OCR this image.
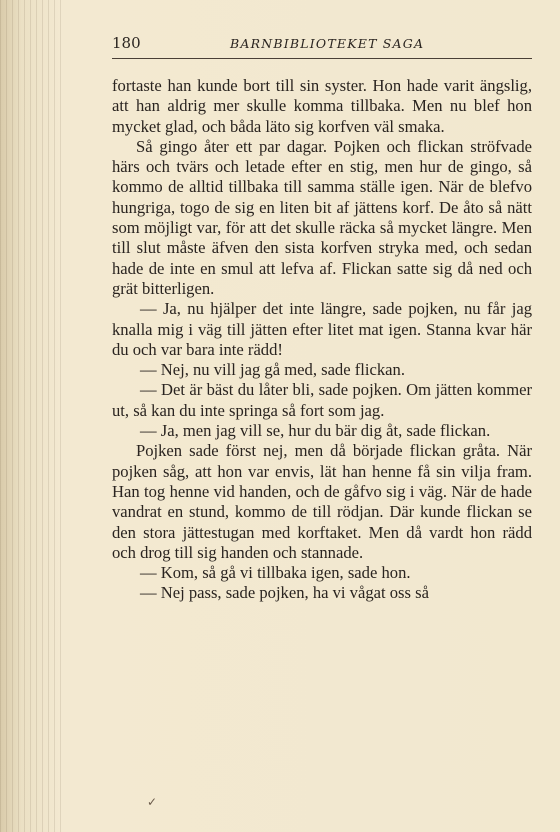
180	BARNBIBLIOTEKET SAGA

fortaste han kunde bort till sin syster. Hon hade varit ängslig, att han aldrig mer skulle komma tillbaka. Men nu blef hon mycket glad, och båda läto sig korfven väl smaka.

Så gingo åter ett par dagar. Pojken och flickan ströfvade härs och tvärs och letade efter en stig, men hur de gingo, så kommo de alltid tillbaka till samma ställe igen. När de blefvo hungriga, togo de sig en liten bit af jättens korf. De åto så nätt som möjligt var, för att det skulle räcka så mycket längre. Men till slut måste äfven den sista korfven stryka med, och sedan hade de inte en smul att lefva af. Flickan satte sig då ned och grät bitterligen.

— Ja, nu hjälper det inte längre, sade pojken, nu får jag knalla mig i väg till jätten efter litet mat igen. Stanna kvar här du och var bara inte rädd!

— Nej, nu vill jag gå med, sade flickan.

— Det är bäst du låter bli, sade pojken. Om jätten kommer ut, så kan du inte springa så fort som jag.

— Ja, men jag vill se, hur du bär dig åt, sade flickan.

Pojken sade först nej, men då började flickan gråta. När pojken såg, att hon var envis, lät han henne få sin vilja fram. Han tog henne vid handen, och de gåfvo sig i väg. När de hade vandrat en stund, kommo de till rödjan. Där kunde flickan se den stora jättestugan med korftaket. Men då vardt hon rädd och drog till sig handen och stannade.

— Kom, så gå vi tillbaka igen, sade hon.

— Nej pass, sade pojken, ha vi vågat oss så

✓
